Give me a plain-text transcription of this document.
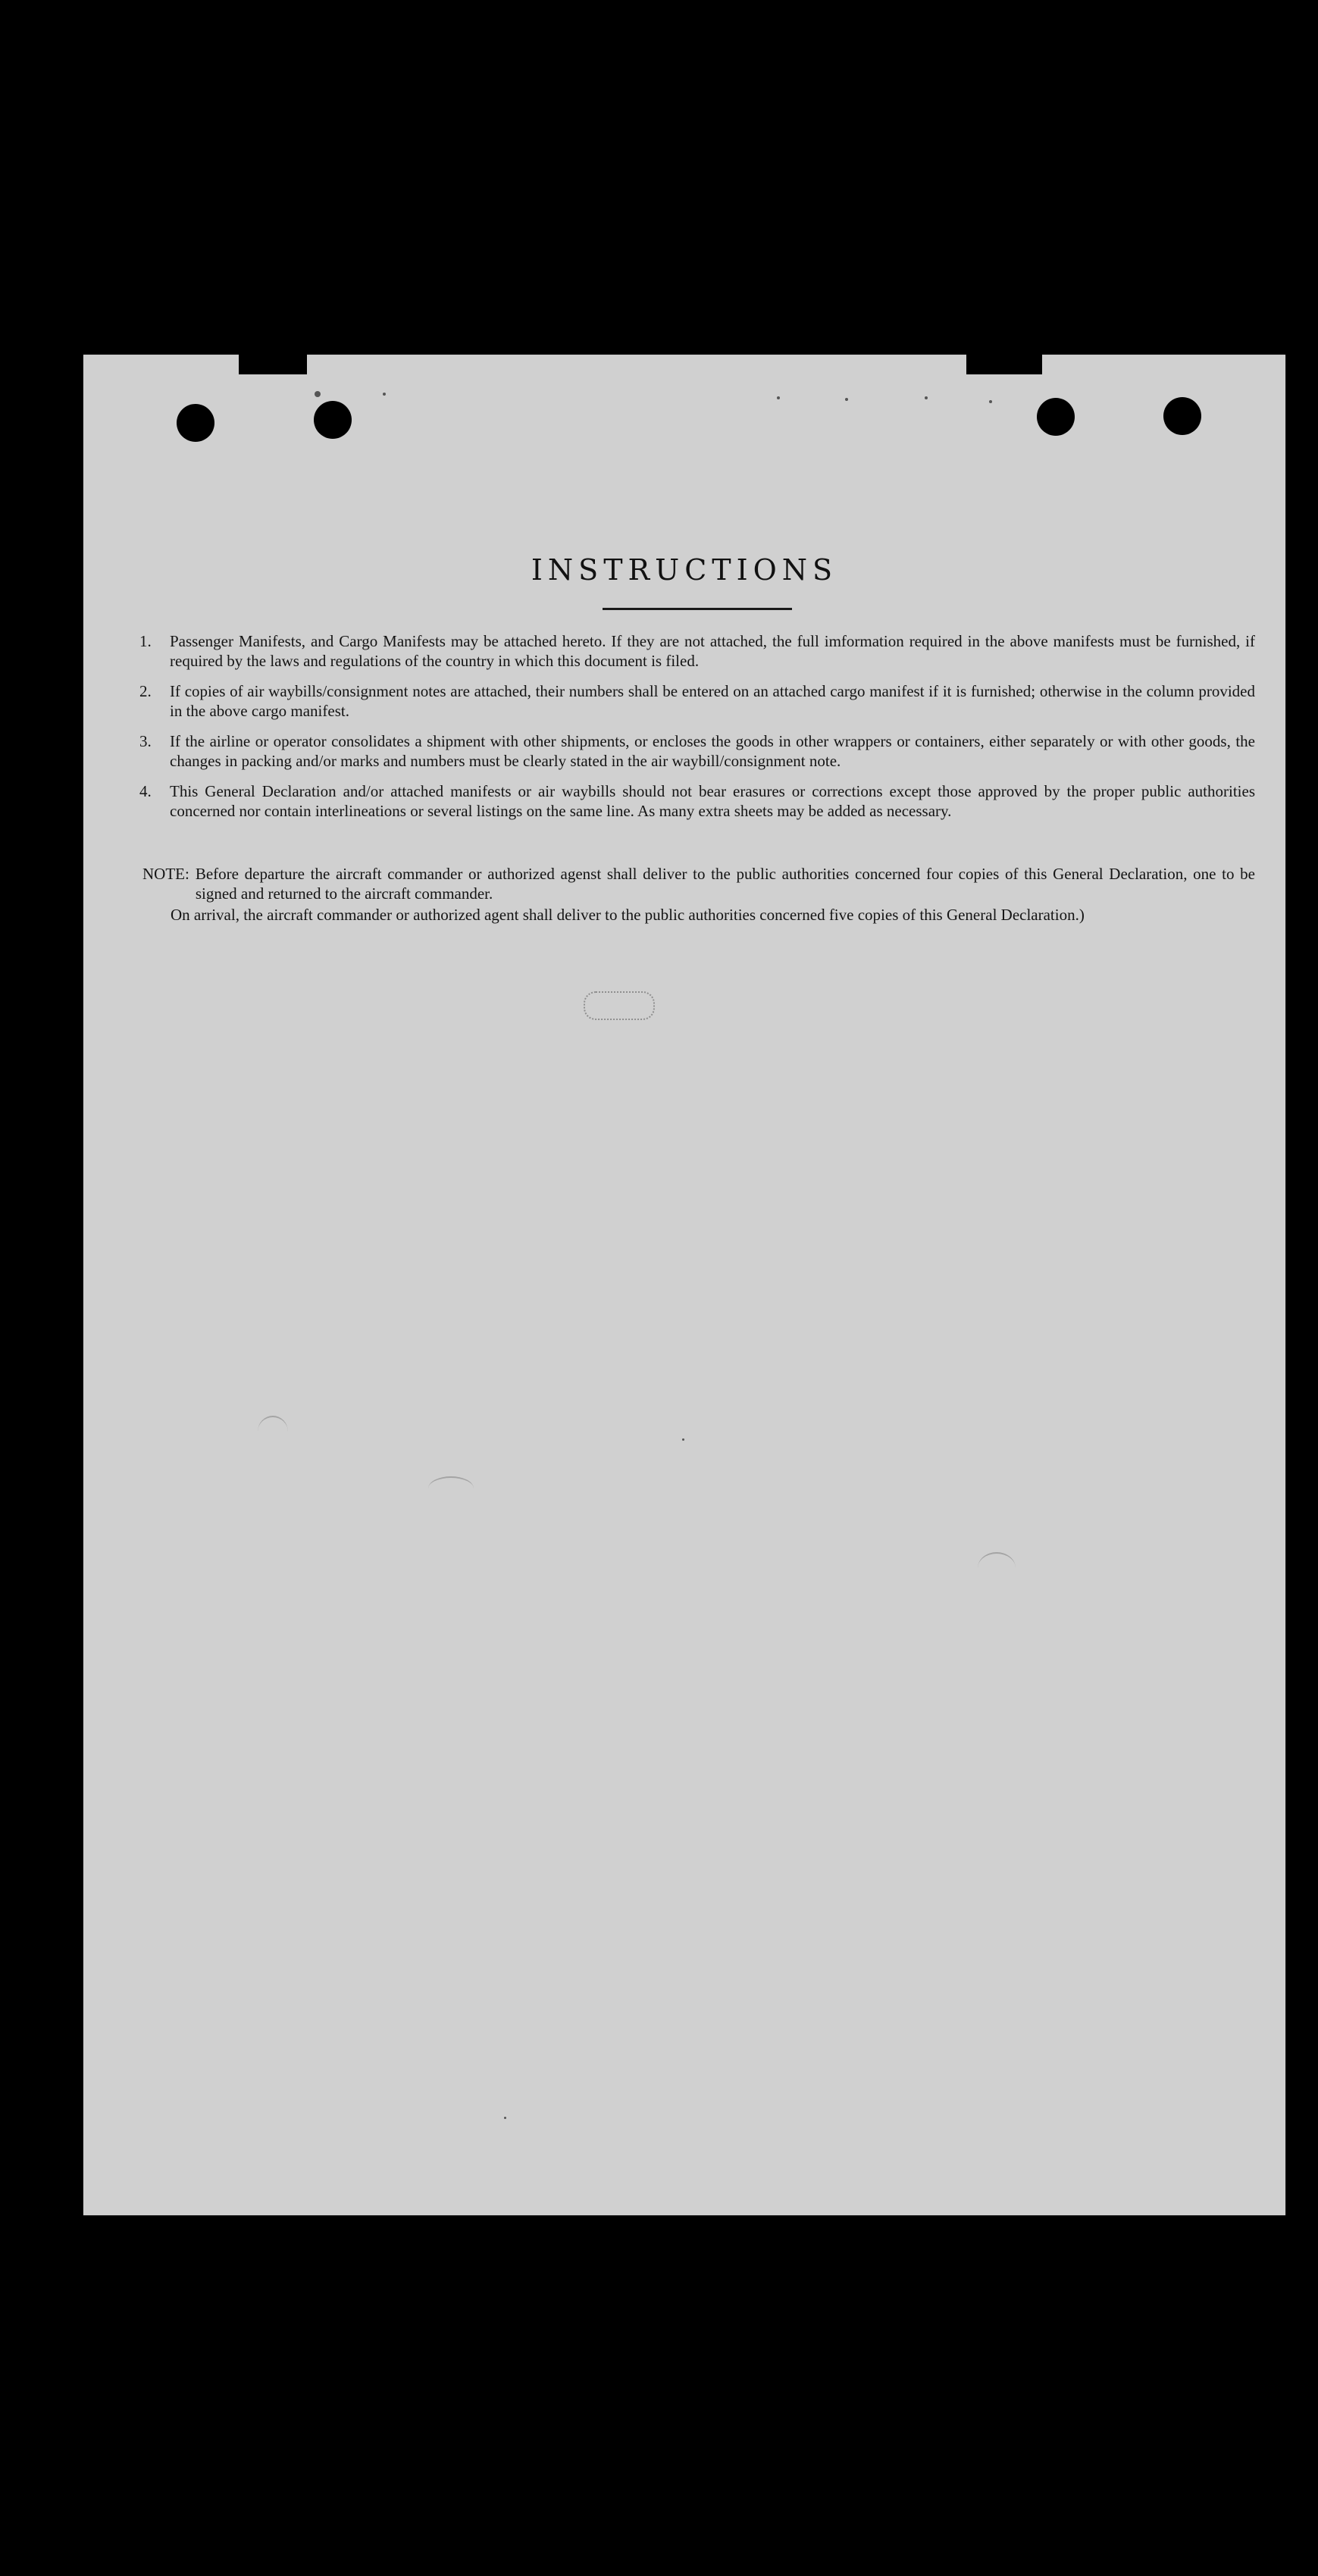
INSTRUCTIONS
1.	Passenger Manifests, and Cargo Manifests may be attached hereto. If they are not attached, the full imformation required in the above manifests must be furnished, if required by the laws and regulations of the country in which this document is filed.
2.	If copies of air waybills/consignment notes are attached, their numbers shall be entered on an attached cargo manifest if it is furnished; otherwise in the column provided in the above cargo manifest.
3.	If the airline or operator consolidates a shipment with other shipments, or encloses the goods in other wrappers or containers, either separately or with other goods, the changes in packing and/or marks and numbers must be clearly stated in the air waybill/consignment note.
4.	This General Declaration and/or attached manifests or air waybills should not bear erasures or corrections except those approved by the proper public authorities concerned nor contain interlineations or several listings on the same line. As many extra sheets may be added as necessary.
NOTE: Before departure the aircraft commander or authorized agenst shall deliver to the public authorities concerned four copies of this General Declaration, one to be signed and returned to the aircraft commander.
On arrival, the aircraft commander or authorized agent shall deliver to the public authorities concerned five copies of this General Declaration.)
